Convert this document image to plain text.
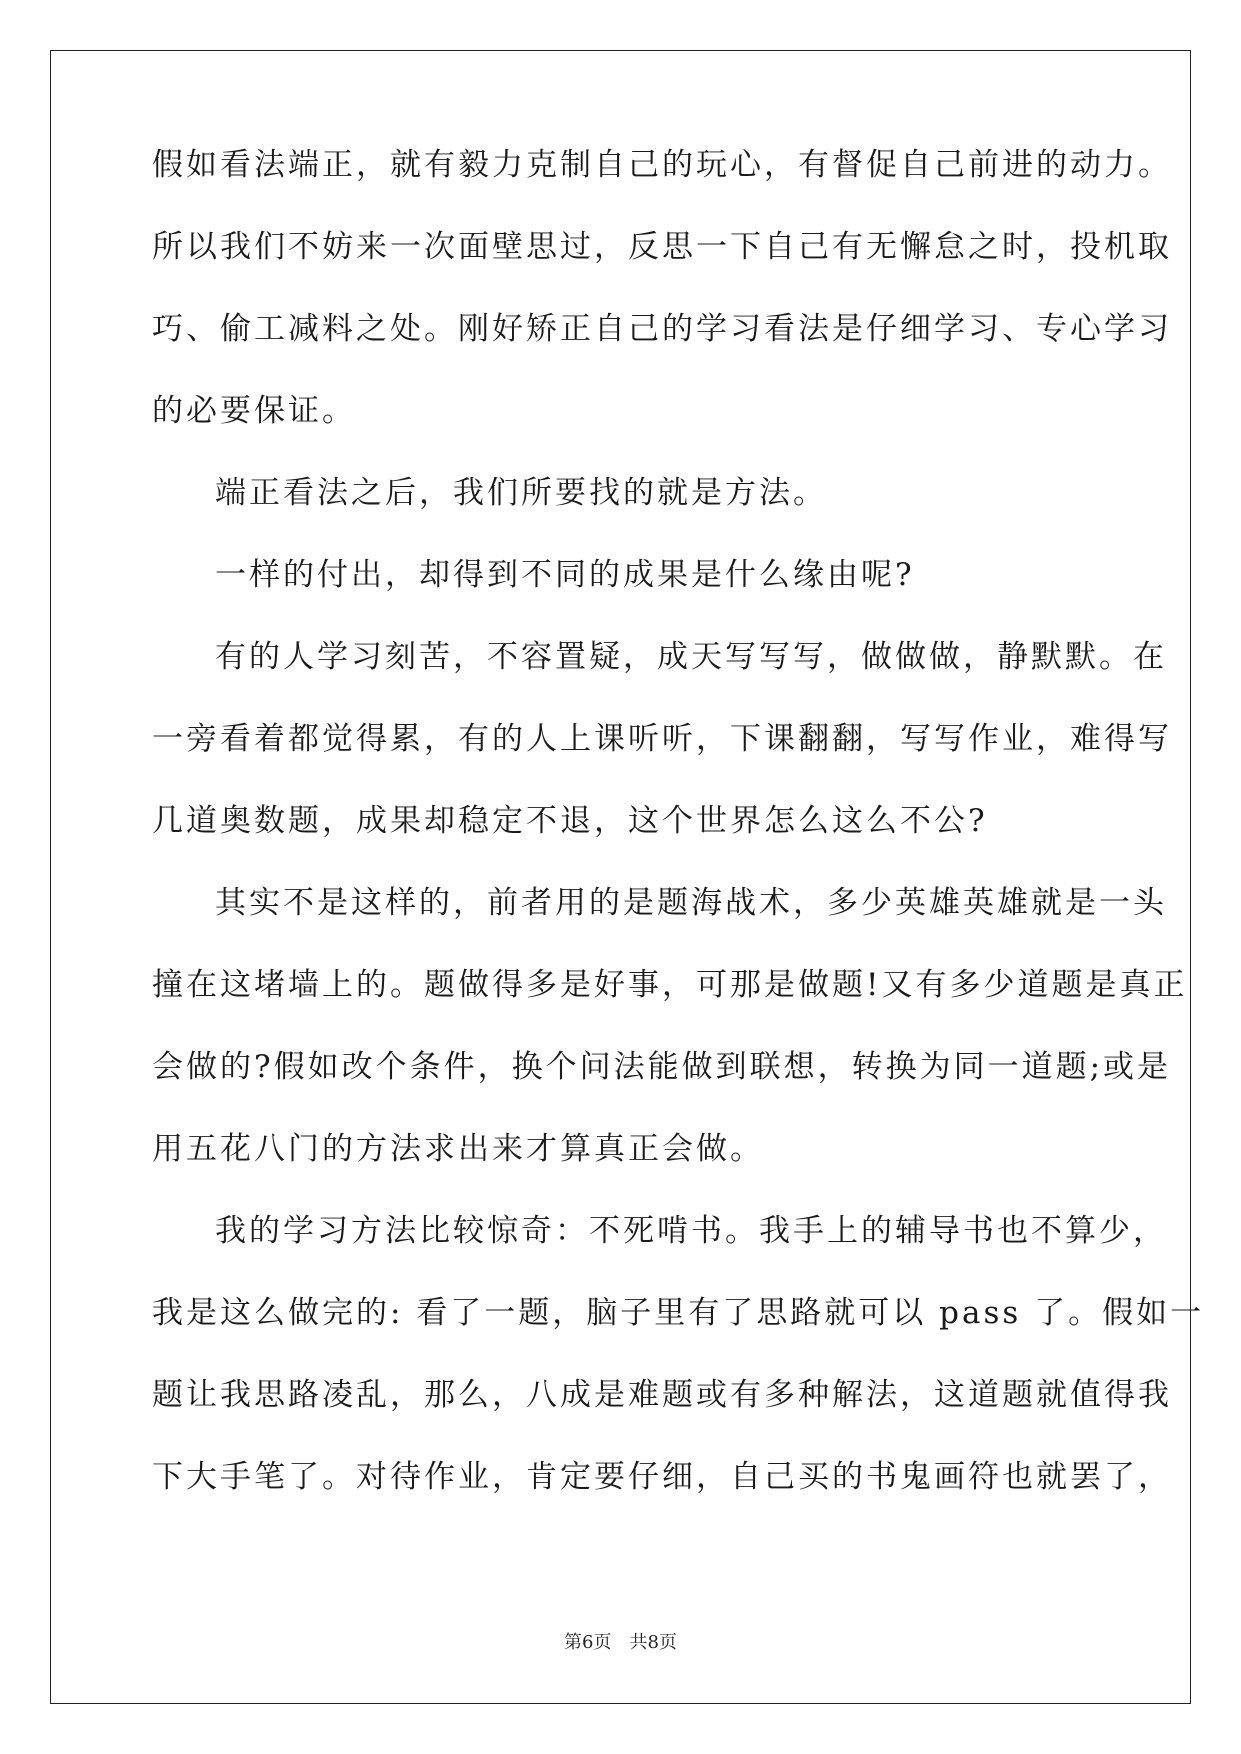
假如看法端正，就有毅力克制自己的玩心，有督促自己前进的动力。
所以我们不妨来一次面壁思过，反思一下自己有无懈怠之时，投机取
巧、偷工减料之处。刚好矫正自己的学习看法是仔细学习、专心学习
的必要保证。
端正看法之后，我们所要找的就是方法。
一样的付出，却得到不同的成果是什么缘由呢?
有的人学习刻苦，不容置疑，成天写写写，做做做，静默默。在
一旁看着都觉得累，有的人上课听听，下课翻翻，写写作业，难得写
几道奥数题，成果却稳定不退，这个世界怎么这么不公?
其实不是这样的，前者用的是题海战术，多少英雄英雄就是一头
撞在这堵墙上的。题做得多是好事，可那是做题!又有多少道题是真正
会做的?假如改个条件，换个问法能做到联想，转换为同一道题;或是
用五花八门的方法求出来才算真正会做。
我的学习方法比较惊奇：不死啃书。我手上的辅导书也不算少，
我是这么做完的: 看了一题，脑子里有了思路就可以 pass 了。假如一
题让我思路凌乱，那么，八成是难题或有多种解法，这道题就值得我
下大手笔了。对待作业，肯定要仔细，自己买的书鬼画符也就罢了，
第6页　共8页
